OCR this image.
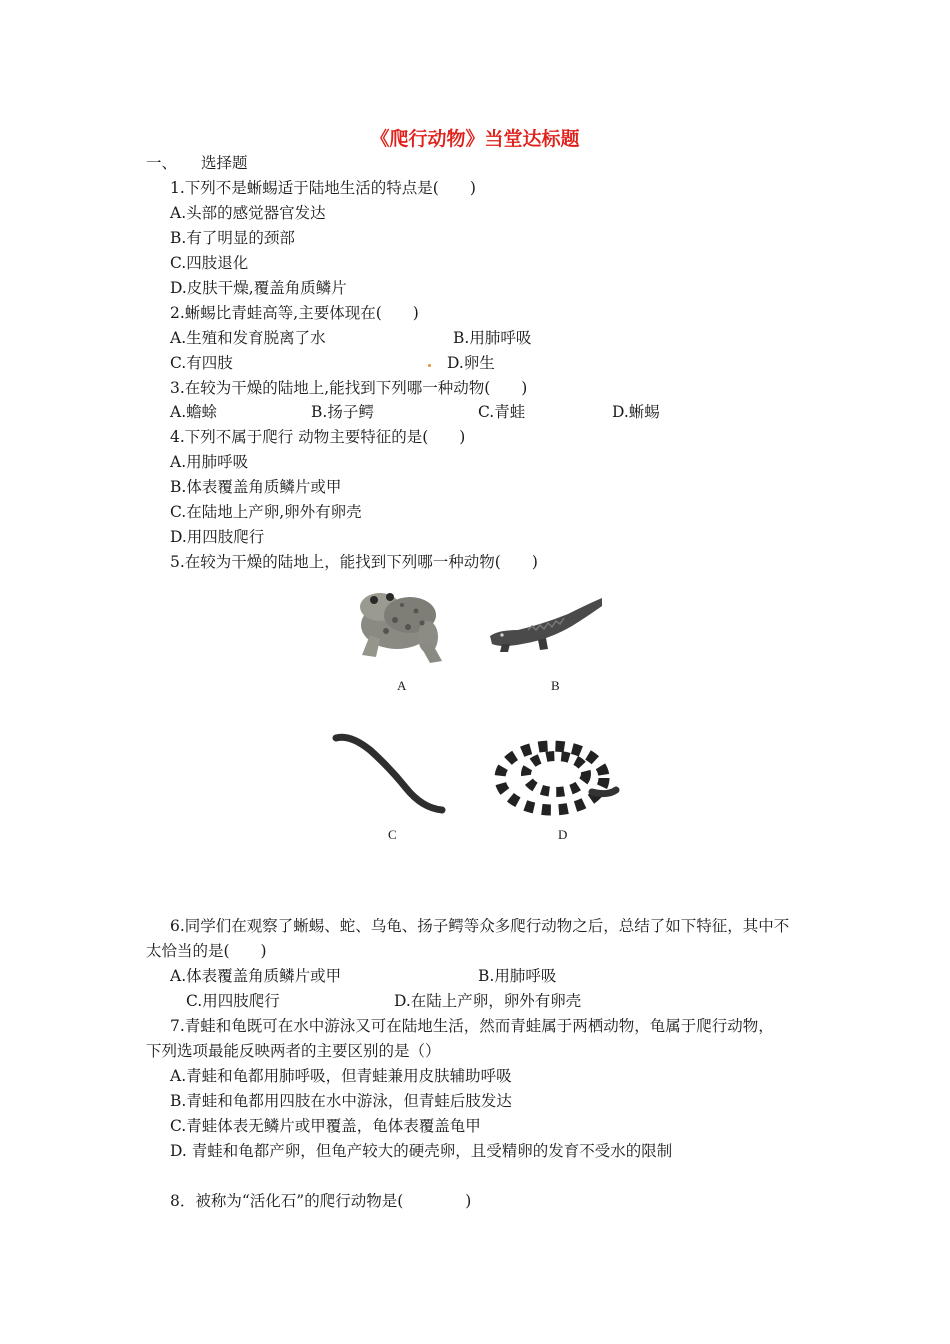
《爬行动物》当堂达标题
一、 选择题
1.下列不是蜥蜴适于陆地生活的特点是(　　)
A.头部的感觉器官发达
B.有了明显的颈部
C.四肢退化
D.皮肤干燥,覆盖角质鳞片
2.蜥蜴比青蛙高等,主要体现在(　　)
A.生殖和发育脱离了水	B.用肺呼吸
C.有四肢	D.卵生
3.在较为干燥的陆地上,能找到下列哪一种动物(　　)
A.蟾蜍	B.扬子鳄	C.青蛙	D.蜥蜴
4.下列不属于爬行 动物主要特征的是(　　)
A.用肺呼吸
B.体表覆盖角质鳞片或甲
C.在陆地上产卵,卵外有卵壳
D.用四肢爬行
5.在较为干燥的陆地上，能找到下列哪一种动物(　　)
A	B
C	D
6.同学们在观察了蜥蜴、蛇、乌龟、扬子鳄等众多爬行动物之后，总结了如下特征，其中不
太恰当的是(　　)
A.体表覆盖角质鳞片或甲	B.用肺呼吸
C.用四肢爬行	D.在陆上产卵，卵外有卵壳
7.青蛙和龟既可在水中游泳又可在陆地生活，然而青蛙属于两栖动物，龟属于爬行动物，
下列选项最能反映两者的主要区别的是（）
A.青蛙和龟都用肺呼吸，但青蛙兼用皮肤辅助呼吸
B.青蛙和龟都用四肢在水中游泳，但青蛙后肢发达
C.青蛙体表无鳞片或甲覆盖，龟体表覆盖龟甲
D. 青蛙和龟都产卵，但龟产较大的硬壳卵，且受精卵的发育不受水的限制
8．被称为“活化石”的爬行动物是(　　　　)
